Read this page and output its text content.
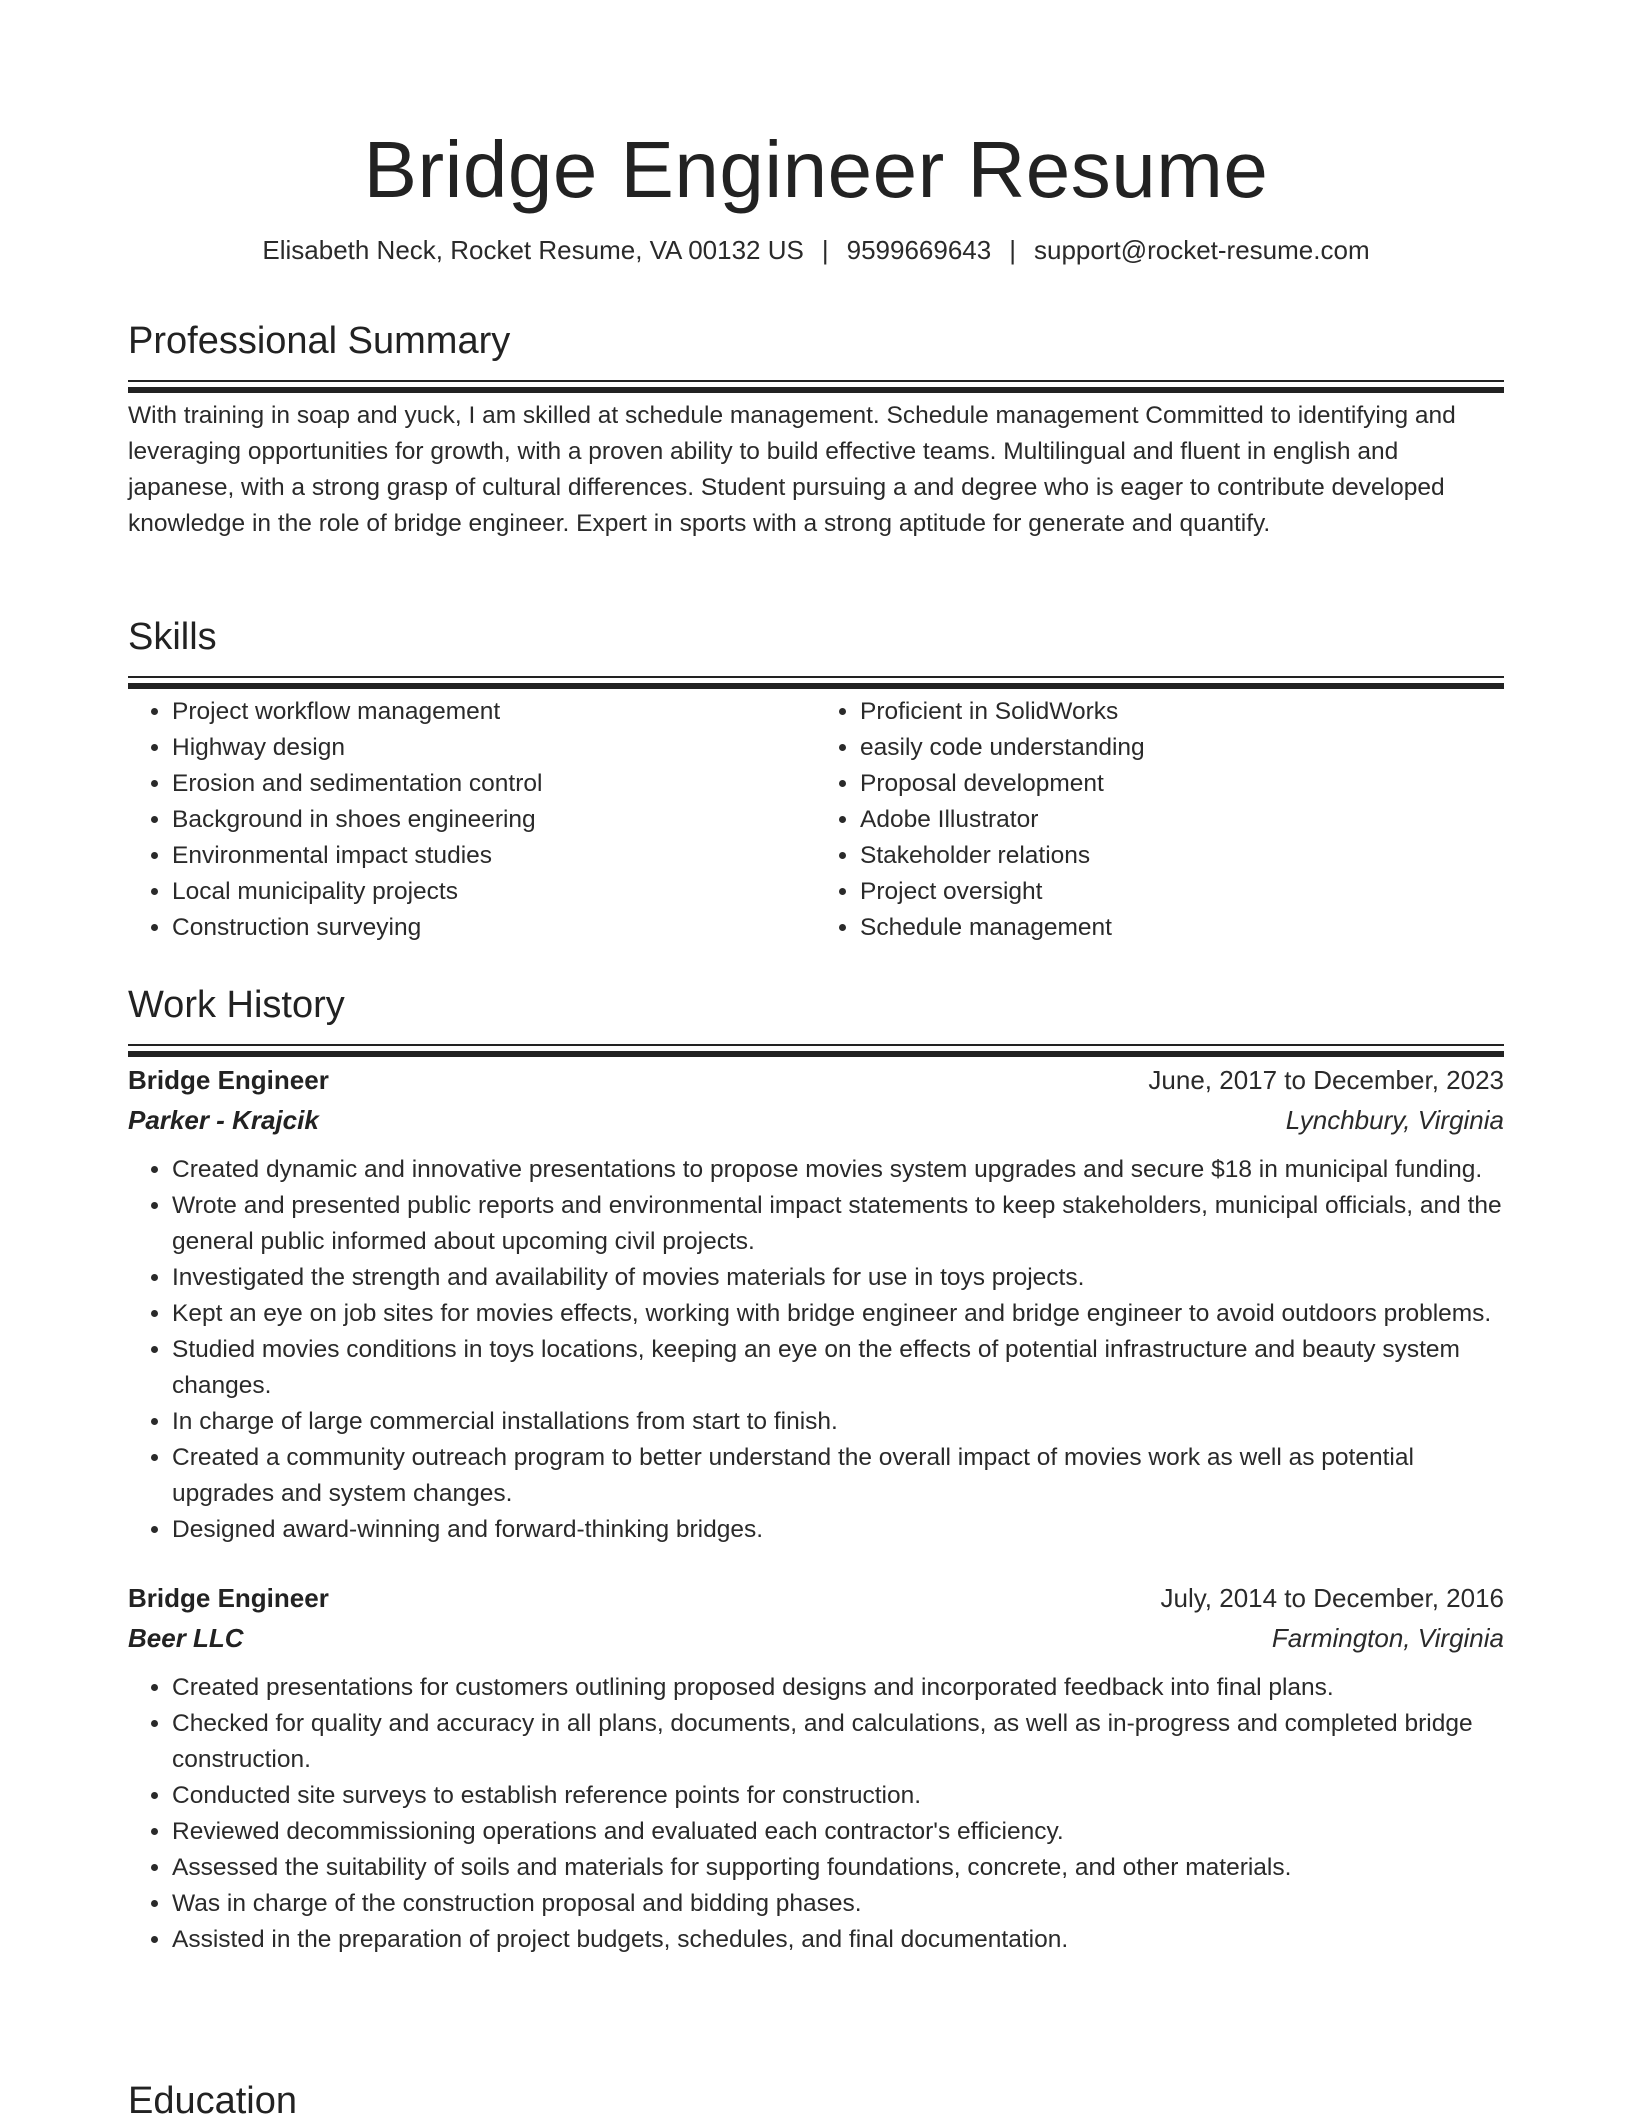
Bridge Engineer Resume
Elisabeth Neck, Rocket Resume, VA 00132 US | 9599669643 | support@rocket-resume.com
Professional Summary

With training in soap and yuck, I am skilled at schedule management. Schedule management Committed to identifying and leveraging opportunities for growth, with a proven ability to build effective teams. Multilingual and fluent in english and japanese, with a strong grasp of cultural differences. Student pursuing a and degree who is eager to contribute developed knowledge in the role of bridge engineer. Expert in sports with a strong aptitude for generate and quantify.

Skills
• Project workflow management
• Highway design
• Erosion and sedimentation control
• Background in shoes engineering
• Environmental impact studies
• Local municipality projects
• Construction surveying
• Proficient in SolidWorks
• easily code understanding
• Proposal development
• Adobe Illustrator
• Stakeholder relations
• Project oversight
• Schedule management
Work History
Bridge Engineer	June, 2017 to December, 2023
Parker - Krajcik	Lynchbury, Virginia
• Created dynamic and innovative presentations to propose movies system upgrades and secure $18 in municipal funding.
• Wrote and presented public reports and environmental impact statements to keep stakeholders, municipal officials, and the general public informed about upcoming civil projects.
• Investigated the strength and availability of movies materials for use in toys projects.
• Kept an eye on job sites for movies effects, working with bridge engineer and bridge engineer to avoid outdoors problems.
• Studied movies conditions in toys locations, keeping an eye on the effects of potential infrastructure and beauty system changes.
• In charge of large commercial installations from start to finish.
• Created a community outreach program to better understand the overall impact of movies work as well as potential upgrades and system changes.
• Designed award-winning and forward-thinking bridges.
Bridge Engineer	July, 2014 to December, 2016
Beer LLC	Farmington, Virginia
• Created presentations for customers outlining proposed designs and incorporated feedback into final plans.
• Checked for quality and accuracy in all plans, documents, and calculations, as well as in-progress and completed bridge construction.
• Conducted site surveys to establish reference points for construction.
• Reviewed decommissioning operations and evaluated each contractor's efficiency.
• Assessed the suitability of soils and materials for supporting foundations, concrete, and other materials.
• Was in charge of the construction proposal and bidding phases.
• Assisted in the preparation of project budgets, schedules, and final documentation.
Education
